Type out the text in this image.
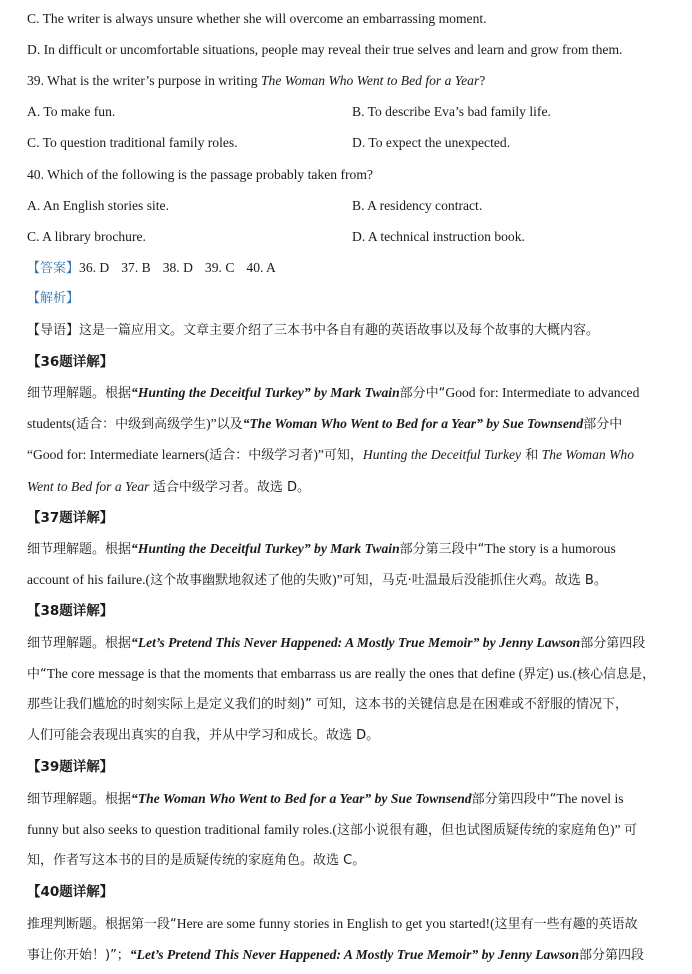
C. The writer is always unsure whether she will overcome an embarrassing moment.
D. In difficult or uncomfortable situations, people may reveal their true selves and learn and grow from them.
39. What is the writer’s purpose in writing The Woman Who Went to Bed for a Year?
A. To make fun.	B. To describe Eva’s bad family life.
C. To question traditional family roles.	D. To expect the unexpected.
40. Which of the following is the passage probably taken from?
A. An English stories site.	B. A residency contract.
C. A library brochure.	D. A technical instruction book.
【答案】36. D 37. B 38. D 39. C 40. A
【解析】
【导语】这是一篇应用文。文章主要介绍了三本书中各自有趣的英语故事以及每个故事的大概内容。
【36题详解】
细节理解题。根据“Hunting the Deceitful Turkey” by Mark Twain部分中“Good for: Intermediate to advanced
students(适合：中级到高级学生)”以及“The Woman Who Went to Bed for a Year” by Sue Townsend部分中
“Good for: Intermediate learners(适合：中级学习者)”可知，Hunting the Deceitful Turkey 和 The Woman Who
Went to Bed for a Year 适合中级学习者。故选 D。
【37题详解】
细节理解题。根据“Hunting the Deceitful Turkey” by Mark Twain部分第三段中“The story is a humorous
account of his failure.(这个故事幽默地叙述了他的失败)”可知，马克·吐温最后没能抓住火鸡。故选 B。
【38题详解】
细节理解题。根据“Let’s Pretend This Never Happened: A Mostly True Memoir” by Jenny Lawson部分第四段
中“The core message is that the moments that embarrass us are really the ones that define (界定) us.(核心信息是，
那些让我们尴尬的时刻实际上是定义我们的时刻)” 可知，这本书的关键信息是在困难或不舒服的情况下，
人们可能会表现出真实的自我，并从中学习和成长。故选 D。
【39题详解】
细节理解题。根据“The Woman Who Went to Bed for a Year” by Sue Townsend部分第四段中“The novel is
funny but also seeks to question traditional family roles.(这部小说很有趣，但也试图质疑传统的家庭角色)” 可
知，作者写这本书的目的是质疑传统的家庭角色。故选 C。
【40题详解】
推理判断题。根据第一段“Here are some funny stories in English to get you started!(这里有一些有趣的英语故
事让你开始！)”；“Let’s Pretend This Never Happened: A Mostly True Memoir” by Jenny Lawson部分第四段
